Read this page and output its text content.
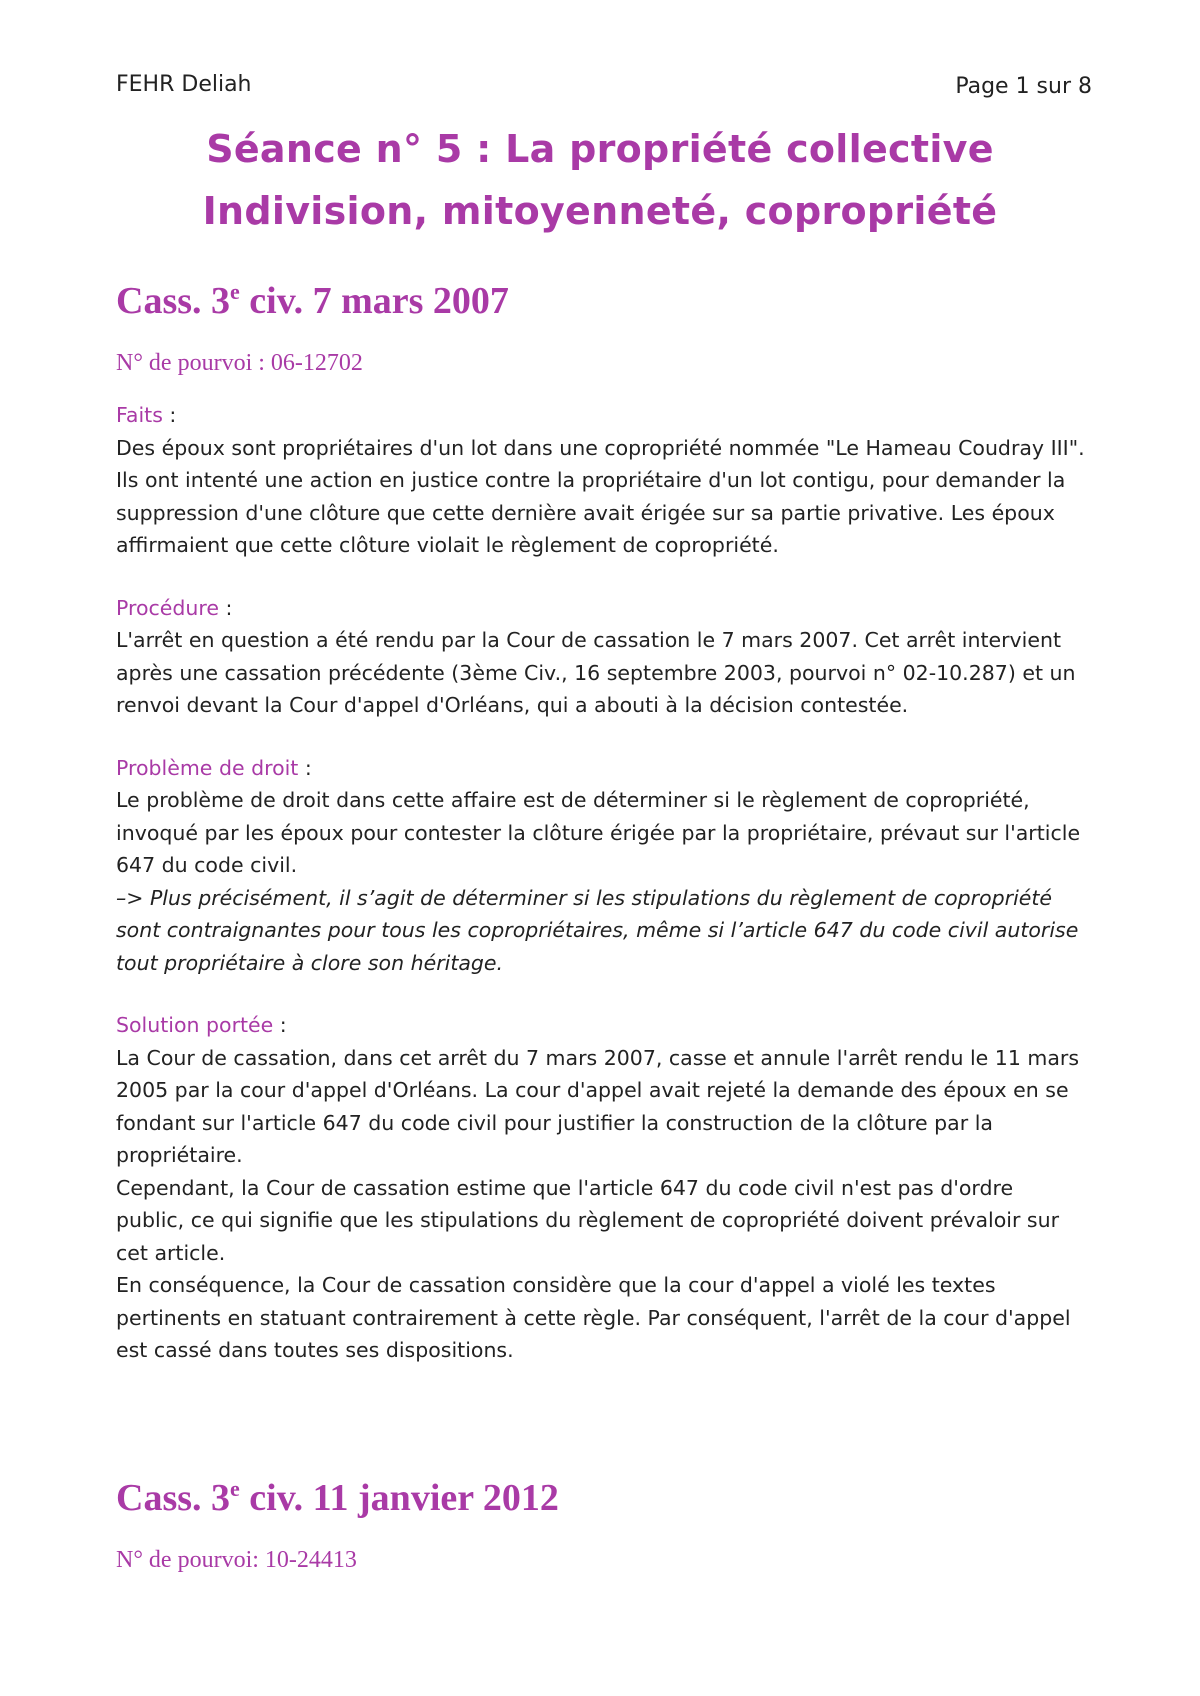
FEHR Deliah	Page 1 sur 8
Séance n° 5 : La propriété collective
Indivision, mitoyenneté, copropriété
Cass. 3e civ. 7 mars 2007
N° de pourvoi : 06-12702
Faits :
Des époux sont propriétaires d'un lot dans une copropriété nommée "Le Hameau Coudray III". Ils ont intenté une action en justice contre la propriétaire d'un lot contigu, pour demander la suppression d'une clôture que cette dernière avait érigée sur sa partie privative. Les époux affirmaient que cette clôture violait le règlement de copropriété.
Procédure :
L'arrêt en question a été rendu par la Cour de cassation le 7 mars 2007. Cet arrêt intervient après une cassation précédente (3ème Civ., 16 septembre 2003, pourvoi n° 02-10.287) et un renvoi devant la Cour d'appel d'Orléans, qui a abouti à la décision contestée.
Problème de droit :
Le problème de droit dans cette affaire est de déterminer si le règlement de copropriété, invoqué par les époux pour contester la clôture érigée par la propriétaire, prévaut sur l'article 647 du code civil.
–> Plus précisément, il s’agit de déterminer si les stipulations du règlement de copropriété sont contraignantes pour tous les copropriétaires, même si l’article 647 du code civil autorise tout propriétaire à clore son héritage.
Solution portée :
La Cour de cassation, dans cet arrêt du 7 mars 2007, casse et annule l'arrêt rendu le 11 mars 2005 par la cour d'appel d'Orléans. La cour d'appel avait rejeté la demande des époux en se fondant sur l'article 647 du code civil pour justifier la construction de la clôture par la propriétaire.
Cependant, la Cour de cassation estime que l'article 647 du code civil n'est pas d'ordre public, ce qui signifie que les stipulations du règlement de copropriété doivent prévaloir sur cet article.
En conséquence, la Cour de cassation considère que la cour d'appel a violé les textes pertinents en statuant contrairement à cette règle. Par conséquent, l'arrêt de la cour d'appel est cassé dans toutes ses dispositions.
Cass. 3e civ. 11 janvier 2012
N° de pourvoi: 10-24413
